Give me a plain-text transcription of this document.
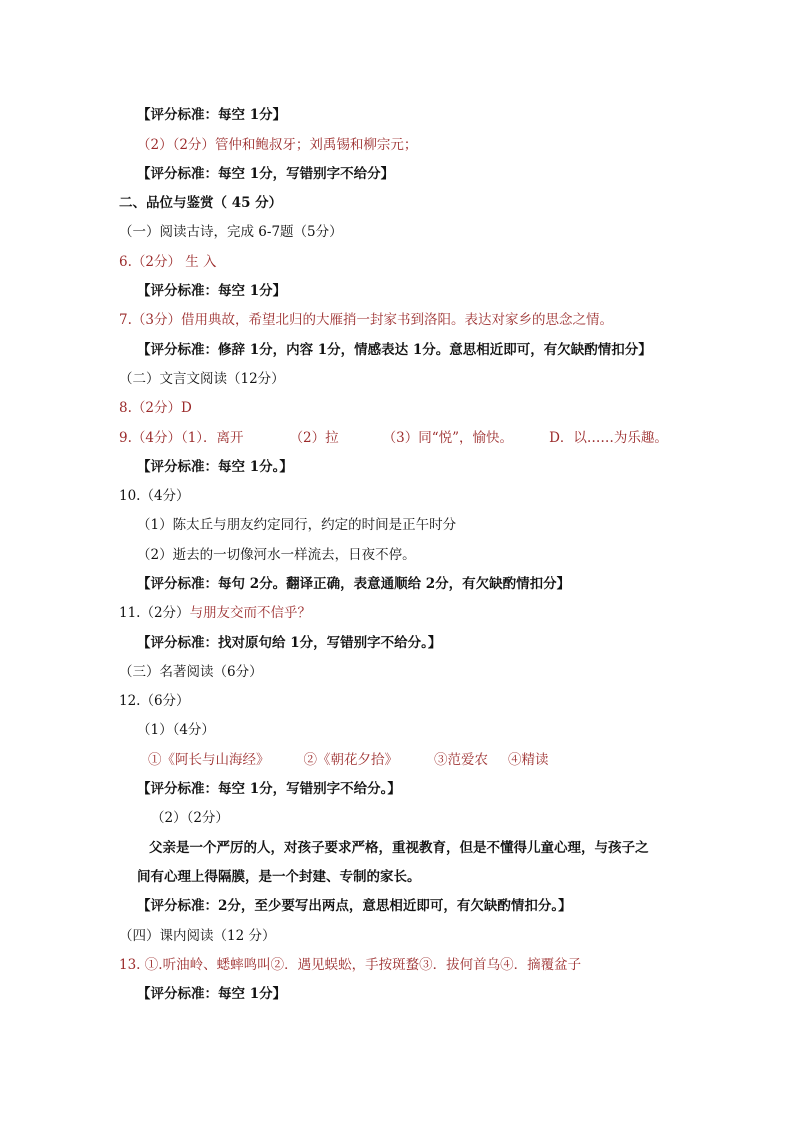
【评分标准：每空 1分】
（2）（2分）管仲和鲍叔牙；刘禹锡和柳宗元；
【评分标准：每空 1分，写错别字不给分】
二、品位与鉴赏（ 45 分）
（一）阅读古诗，完成 6-7题（5分）
6.（2分） 生 入
【评分标准：每空 1分】
7.（3分）借用典故，希望北归的大雁捎一封家书到洛阳。表达对家乡的思念之情。
【评分标准：修辞 1分，内容 1分，情感表达 1分。意思相近即可，有欠缺酌情扣分】
（二）文言文阅读（12分）
8.（2分）D
9.（4分）（1）．离开	（2）拉	（3）同“悦”，愉快。	D．以……为乐趣。
【评分标准：每空 1分。】
10.（4分）
（1）陈太丘与朋友约定同行，约定的时间是正午时分
（2）逝去的一切像河水一样流去，日夜不停。
【评分标准：每句 2分。翻译正确，表意通顺给 2分，有欠缺酌情扣分】
11.（2分）与朋友交而不信乎？
【评分标准：找对原句给 1分，写错别字不给分。】
（三）名著阅读（6分）
12.（6分）
（1）（4分）
①《阿长与山海经》	②《朝花夕拾》	③范爱农 ④精读
【评分标准：每空 1分，写错别字不给分。】
（2）（2分）
父亲是一个严厉的人，对孩子要求严格，重视教育，但是不懂得儿童心理，与孩子之
间有心理上得隔膜，是一个封建、专制的家长。
【评分标准：2分，至少要写出两点，意思相近即可，有欠缺酌情扣分。】
（四）课内阅读（12 分）
13. ①.听油岭、蟋蟀鸣叫②．遇见蜈蚣，手按斑蝥③．拔何首乌④．摘覆盆子
【评分标准：每空 1分】
